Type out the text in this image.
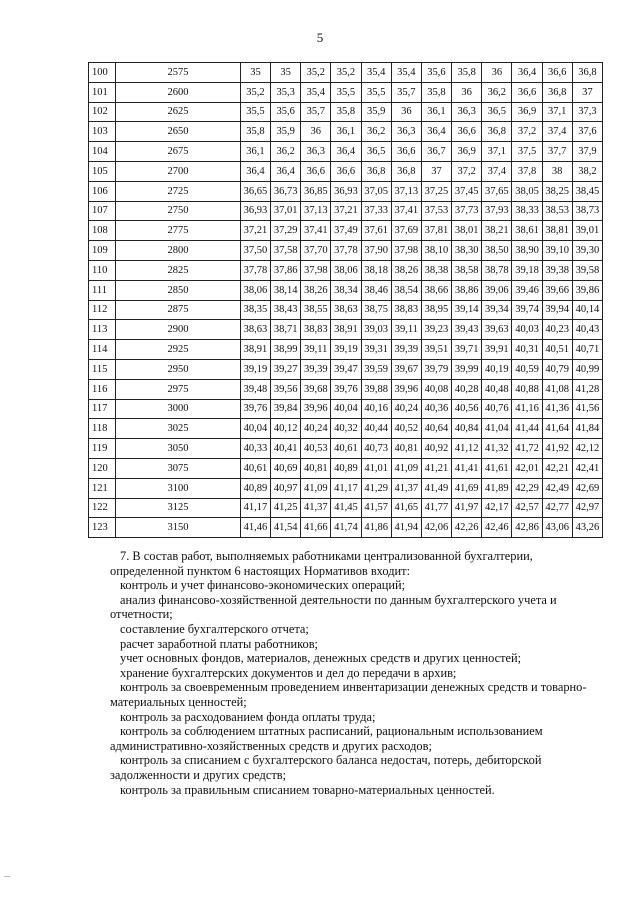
5
100	2575	35	35	35,2	35,2	35,4	35,4	35,6	35,8	36	36,4	36,6	36,8
101	2600	35,2	35,3	35,4	35,5	35,5	35,7	35,8	36	36,2	36,6	36,8	37
102	2625	35,5	35,6	35,7	35,8	35,9	36	36,1	36,3	36,5	36,9	37,1	37,3
103	2650	35,8	35,9	36	36,1	36,2	36,3	36,4	36,6	36,8	37,2	37,4	37,6
104	2675	36,1	36,2	36,3	36,4	36,5	36,6	36,7	36,9	37,1	37,5	37,7	37,9
105	2700	36,4	36,4	36,6	36,6	36,8	36,8	37	37,2	37,4	37,8	38	38,2
106	2725	36,65	36,73	36,85	36,93	37,05	37,13	37,25	37,45	37,65	38,05	38,25	38,45
107	2750	36,93	37,01	37,13	37,21	37,33	37,41	37,53	37,73	37,93	38,33	38,53	38,73
108	2775	37,21	37,29	37,41	37,49	37,61	37,69	37,81	38,01	38,21	38,61	38,81	39,01
109	2800	37,50	37,58	37,70	37,78	37,90	37,98	38,10	38,30	38,50	38,90	39,10	39,30
110	2825	37,78	37,86	37,98	38,06	38,18	38,26	38,38	38,58	38,78	39,18	39,38	39,58
111	2850	38,06	38,14	38,26	38,34	38,46	38,54	38,66	38,86	39,06	39,46	39,66	39,86
112	2875	38,35	38,43	38,55	38,63	38,75	38,83	38,95	39,14	39,34	39,74	39,94	40,14
113	2900	38,63	38,71	38,83	38,91	39,03	39,11	39,23	39,43	39,63	40,03	40,23	40,43
114	2925	38,91	38,99	39,11	39,19	39,31	39,39	39,51	39,71	39,91	40,31	40,51	40,71
115	2950	39,19	39,27	39,39	39,47	39,59	39,67	39,79	39,99	40,19	40,59	40,79	40,99
116	2975	39,48	39,56	39,68	39,76	39,88	39,96	40,08	40,28	40,48	40,88	41,08	41,28
117	3000	39,76	39,84	39,96	40,04	40,16	40,24	40,36	40,56	40,76	41,16	41,36	41,56
118	3025	40,04	40,12	40,24	40,32	40,44	40,52	40,64	40,84	41,04	41,44	41,64	41,84
119	3050	40,33	40,41	40,53	40,61	40,73	40,81	40,92	41,12	41,32	41,72	41,92	42,12
120	3075	40,61	40,69	40,81	40,89	41,01	41,09	41,21	41,41	41,61	42,01	42,21	42,41
121	3100	40,89	40,97	41,09	41,17	41,29	41,37	41,49	41,69	41,89	42,29	42,49	42,69
122	3125	41,17	41,25	41,37	41,45	41,57	41,65	41,77	41,97	42,17	42,57	42,77	42,97
123	3150	41,46	41,54	41,66	41,74	41,86	41,94	42,06	42,26	42,46	42,86	43,06	43,26

7. В состав работ, выполняемых работниками централизованной бухгалтерии, определенной пунктом 6 настоящих Нормативов входит:

контроль и учет финансово-экономических операций;

анализ финансово-хозяйственной деятельности по данным бухгалтерского учета и отчетности;

составление бухгалтерского отчета;

расчет заработной платы работников;

учет основных фондов, материалов, денежных средств и других ценностей;

хранение бухгалтерских документов и дел до передачи в архив;

контроль за своевременным проведением инвентаризации денежных средств и товарно-материальных ценностей;

контроль за расходованием фонда оплаты труда;

контроль за соблюдением штатных расписаний, рациональным использованием административно-хозяйственных средств и других расходов;

контроль за списанием с бухгалтерского баланса недостач, потерь, дебиторской задолженности и других средств;

контроль за правильным списанием товарно-материальных ценностей.
